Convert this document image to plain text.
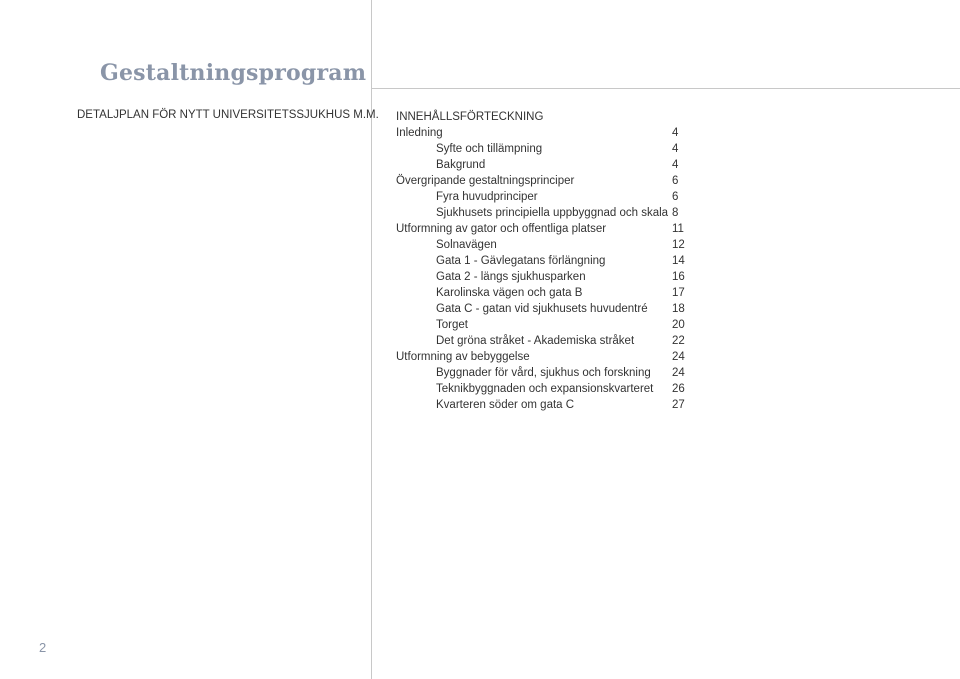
Gestaltningsprogram
DETALJPLAN FÖR NYTT UNIVERSITETSSJUKHUS M.M. INNEHÅLLSFÖRTECKNING
Inledning	4
Syfte och tillämpning	4
Bakgrund	4
Övergripande gestaltningsprinciper	6
Fyra huvudprinciper	6
Sjukhusets principiella uppbyggnad och skala 8
Utformning av gator och offentliga platser	11
Solnavägen	12
Gata 1 - Gävlegatans förlängning	14
Gata 2 - längs sjukhusparken	16
Karolinska vägen och gata B	17
Gata C - gatan vid sjukhusets huvudentré 18
Torget	20
Det gröna stråket - Akademiska stråket	22
Utformning av bebyggelse	24
Byggnader för vård, sjukhus och forskning 24
Teknikbyggnaden och expansionskvarteret 26
Kvarteren söder om gata C	27
2
